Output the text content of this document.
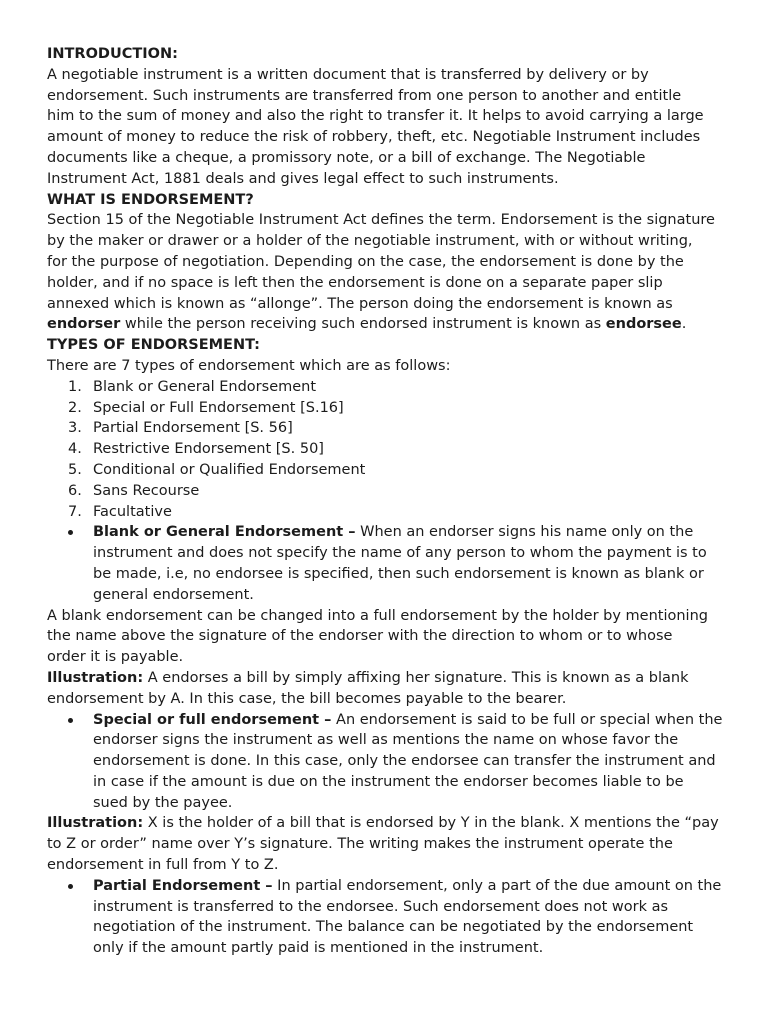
INTRODUCTION:
A negotiable instrument is a written document that is transferred by delivery or by
endorsement. Such instruments are transferred from one person to another and entitle
him to the sum of money and also the right to transfer it. It helps to avoid carrying a large
amount of money to reduce the risk of robbery, theft, etc. Negotiable Instrument includes
documents like a cheque, a promissory note, or a bill of exchange. The Negotiable
Instrument Act, 1881 deals and gives legal effect to such instruments.
WHAT IS ENDORSEMENT?
Section 15 of the Negotiable Instrument Act defines the term. Endorsement is the signature
by the maker or drawer or a holder of the negotiable instrument, with or without writing,
for the purpose of negotiation. Depending on the case, the endorsement is done by the
holder, and if no space is left then the endorsement is done on a separate paper slip
annexed which is known as “allonge”. The person doing the endorsement is known as
endorser while the person receiving such endorsed instrument is known as endorsee.
TYPES OF ENDORSEMENT:
There are 7 types of endorsement which are as follows:
1. Blank or General Endorsement
2. Special or Full Endorsement [S.16]
3. Partial Endorsement [S. 56]
4. Restrictive Endorsement [S. 50]
5. Conditional or Qualified Endorsement
6. Sans Recourse
7. Facultative
Blank or General Endorsement – When an endorser signs his name only on the
instrument and does not specify the name of any person to whom the payment is to
be made, i.e, no endorsee is specified, then such endorsement is known as blank or
general endorsement.
A blank endorsement can be changed into a full endorsement by the holder by mentioning
the name above the signature of the endorser with the direction to whom or to whose
order it is payable.
Illustration: A endorses a bill by simply affixing her signature. This is known as a blank
endorsement by A. In this case, the bill becomes payable to the bearer.
Special or full endorsement – An endorsement is said to be full or special when the
endorser signs the instrument as well as mentions the name on whose favor the
endorsement is done. In this case, only the endorsee can transfer the instrument and
in case if the amount is due on the instrument the endorser becomes liable to be
sued by the payee.
Illustration: X is the holder of a bill that is endorsed by Y in the blank. X mentions the “pay
to Z or order” name over Y’s signature. The writing makes the instrument operate the
endorsement in full from Y to Z.
Partial Endorsement – In partial endorsement, only a part of the due amount on the
instrument is transferred to the endorsee. Such endorsement does not work as
negotiation of the instrument. The balance can be negotiated by the endorsement
only if the amount partly paid is mentioned in the instrument.
